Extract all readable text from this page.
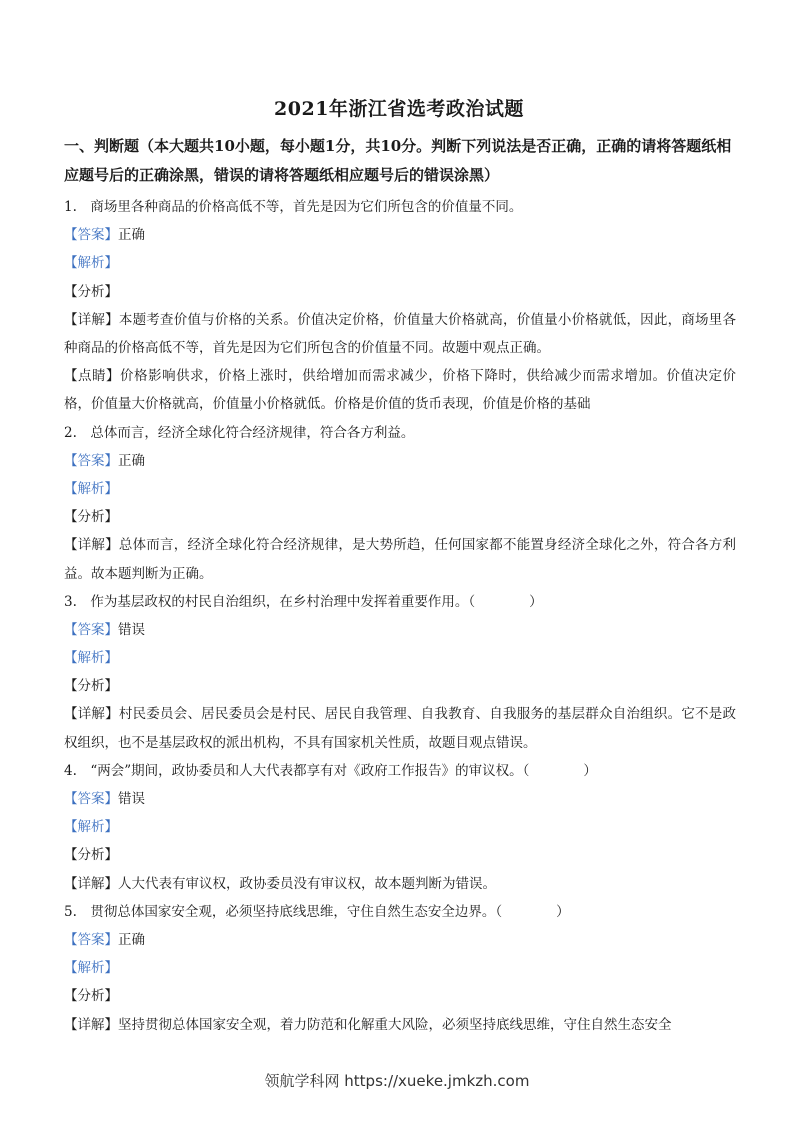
2021年浙江省选考政治试题
一、判断题（本大题共10小题，每小题1分，共10分。判断下列说法是否正确，正确的请将答题纸相应题号后的正确涂黑，错误的请将答题纸相应题号后的错误涂黑）
1.　商场里各种商品的价格高低不等，首先是因为它们所包含的价值量不同。
【答案】正确
【解析】
【分析】
【详解】本题考查价值与价格的关系。价值决定价格，价值量大价格就高，价值量小价格就低，因此，商场里各种商品的价格高低不等，首先是因为它们所包含的价值量不同。故题中观点正确。
【点睛】价格影响供求，价格上涨时，供给增加而需求减少，价格下降时，供给减少而需求增加。价值决定价格，价值量大价格就高，价值量小价格就低。价格是价值的货币表现，价值是价格的基础
2.　总体而言，经济全球化符合经济规律，符合各方利益。
【答案】正确
【解析】
【分析】
【详解】总体而言，经济全球化符合经济规律，是大势所趋，任何国家都不能置身经济全球化之外，符合各方利益。故本题判断为正确。
3.　作为基层政权的村民自治组织，在乡村治理中发挥着重要作用。（　　　　）
【答案】错误
【解析】
【分析】
【详解】村民委员会、居民委员会是村民、居民自我管理、自我教育、自我服务的基层群众自治组织。它不是政权组织，也不是基层政权的派出机构，不具有国家机关性质，故题目观点错误。
4.　“两会”期间，政协委员和人大代表都享有对《政府工作报告》的审议权。（　　　　）
【答案】错误
【解析】
【分析】
【详解】人大代表有审议权，政协委员没有审议权，故本题判断为错误。
5.　贯彻总体国家安全观，必须坚持底线思维，守住自然生态安全边界。（　　　　）
【答案】正确
【解析】
【分析】
【详解】坚持贯彻总体国家安全观，着力防范和化解重大风险，必须坚持底线思维，守住自然生态安全
领航学科网 https://xueke.jmkzh.com
